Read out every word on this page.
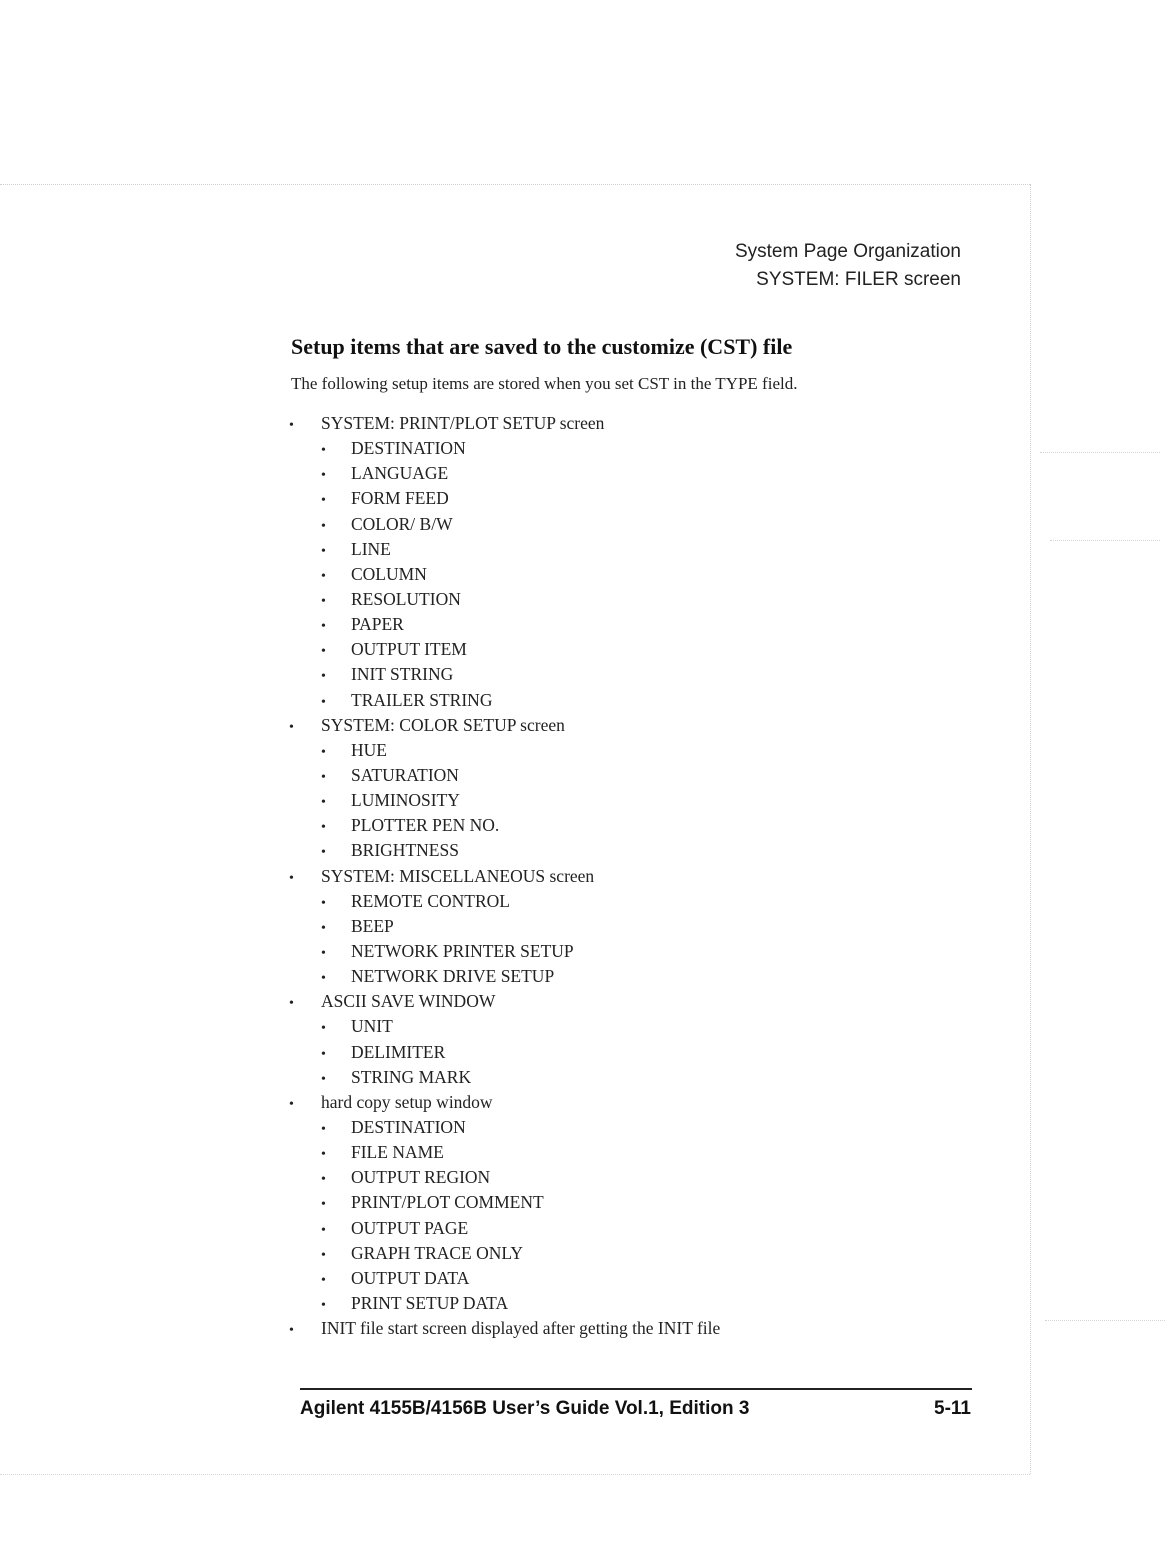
System Page Organization
SYSTEM: FILER screen
Setup items that are saved to the customize (CST) file

The following setup items are stored when you set CST in the TYPE field.

• SYSTEM: PRINT/PLOT SETUP screen
• DESTINATION
• LANGUAGE
• FORM FEED
• COLOR/ B/W
• LINE
• COLUMN
• RESOLUTION
• PAPER
• OUTPUT ITEM
• INIT STRING
• TRAILER STRING
• SYSTEM: COLOR SETUP screen
• HUE
• SATURATION
• LUMINOSITY
• PLOTTER PEN NO.
• BRIGHTNESS
• SYSTEM: MISCELLANEOUS screen
• REMOTE CONTROL
• BEEP
• NETWORK PRINTER SETUP
• NETWORK DRIVE SETUP
• ASCII SAVE WINDOW
• UNIT
• DELIMITER
• STRING MARK
• hard copy setup window
• DESTINATION
• FILE NAME
• OUTPUT REGION
• PRINT/PLOT COMMENT
• OUTPUT PAGE
• GRAPH TRACE ONLY
• OUTPUT DATA
• PRINT SETUP DATA
• INIT file start screen displayed after getting the INIT file
Agilent 4155B/4156B User’s Guide Vol.1, Edition 3	5-11
